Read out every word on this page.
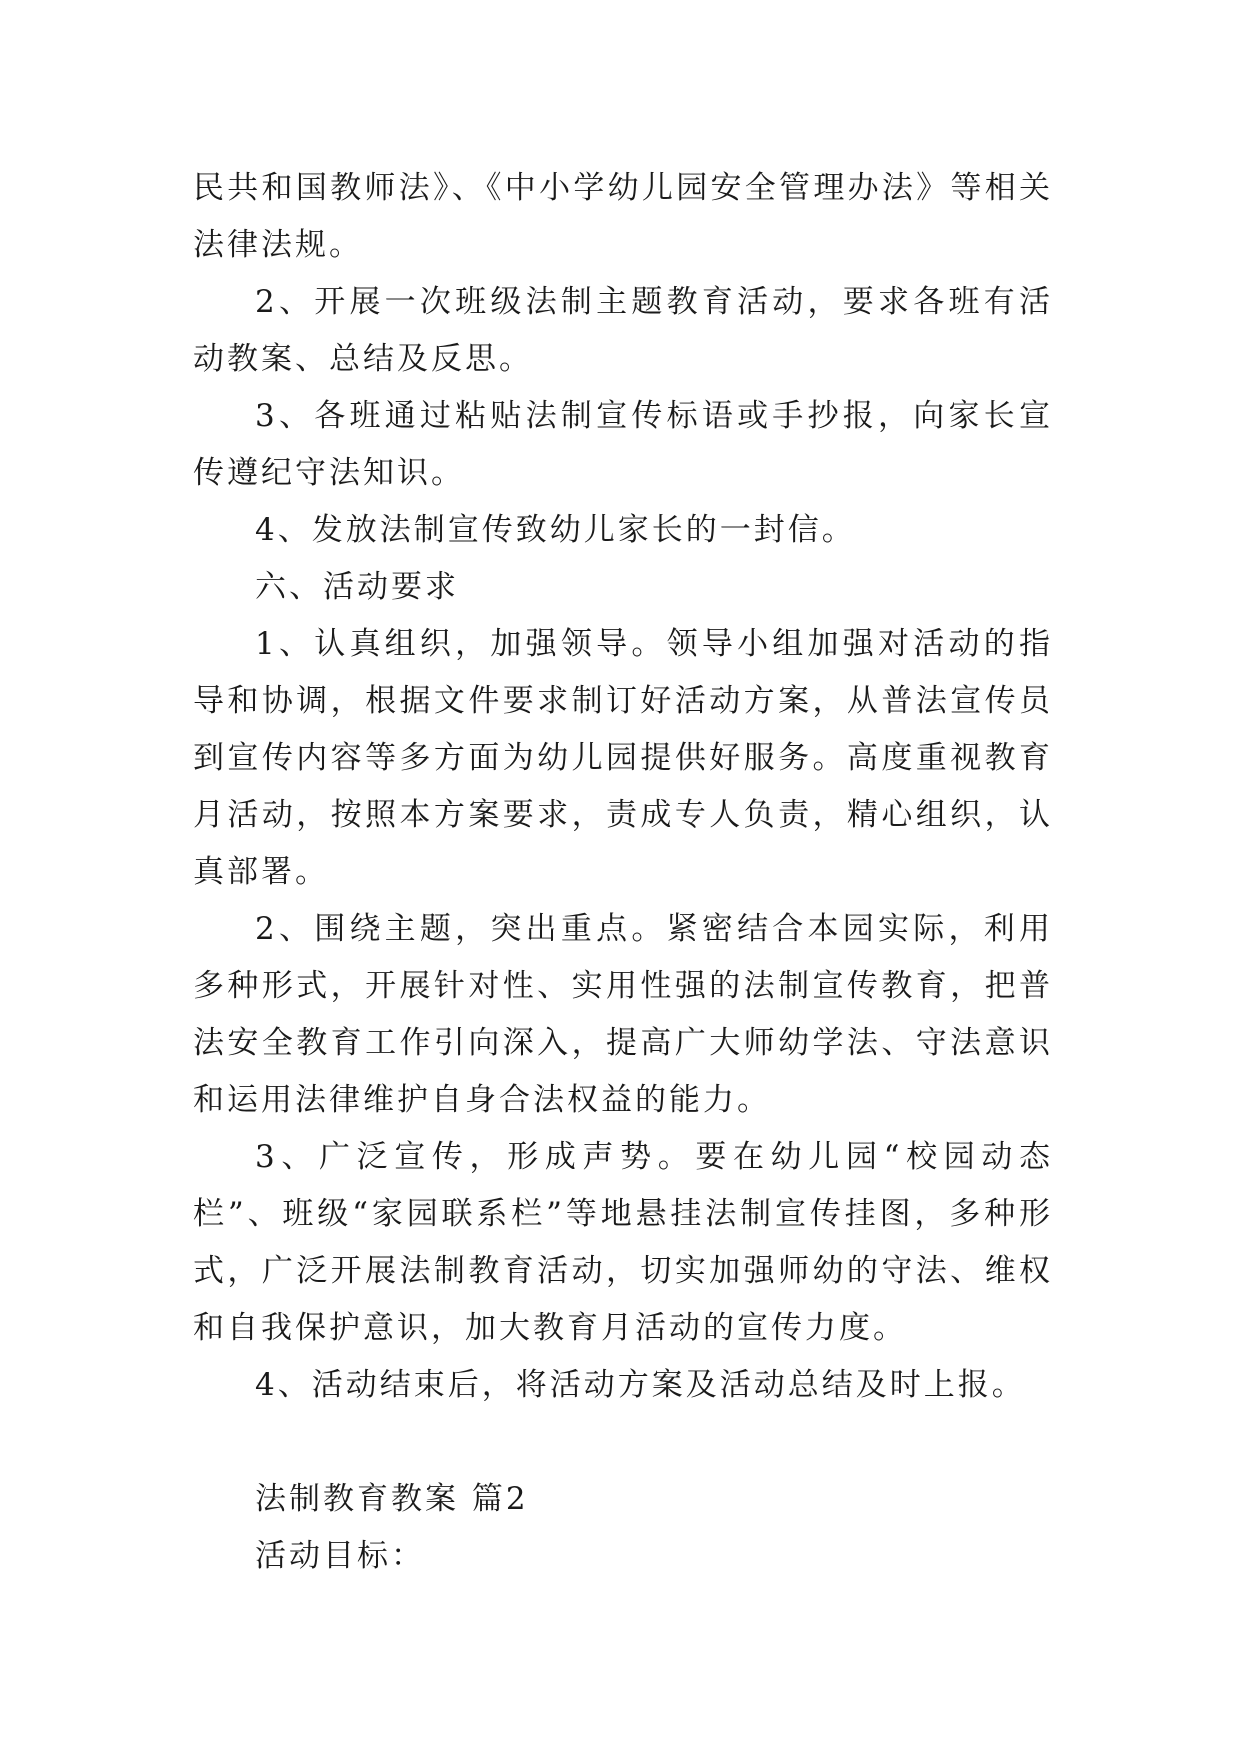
民共和国教师法》、《中小学幼儿园安全管理办法》等相关法律法规。

2、开展一次班级法制主题教育活动，要求各班有活动教案、总结及反思。

3、各班通过粘贴法制宣传标语或手抄报，向家长宣传遵纪守法知识。

4、发放法制宣传致幼儿家长的一封信。

六、活动要求

1、认真组织，加强领导。领导小组加强对活动的指导和协调，根据文件要求制订好活动方案，从普法宣传员到宣传内容等多方面为幼儿园提供好服务。高度重视教育月活动，按照本方案要求，责成专人负责，精心组织，认真部署。

2、围绕主题，突出重点。紧密结合本园实际，利用多种形式，开展针对性、实用性强的法制宣传教育，把普法安全教育工作引向深入，提高广大师幼学法、守法意识和运用法律维护自身合法权益的能力。

3、广泛宣传，形成声势。要在幼儿园“校园动态栏”、班级“家园联系栏”等地悬挂法制宣传挂图，多种形式，广泛开展法制教育活动，切实加强师幼的守法、维权和自我保护意识，加大教育月活动的宣传力度。

4、活动结束后，将活动方案及活动总结及时上报。

法制教育教案 篇2

活动目标：
